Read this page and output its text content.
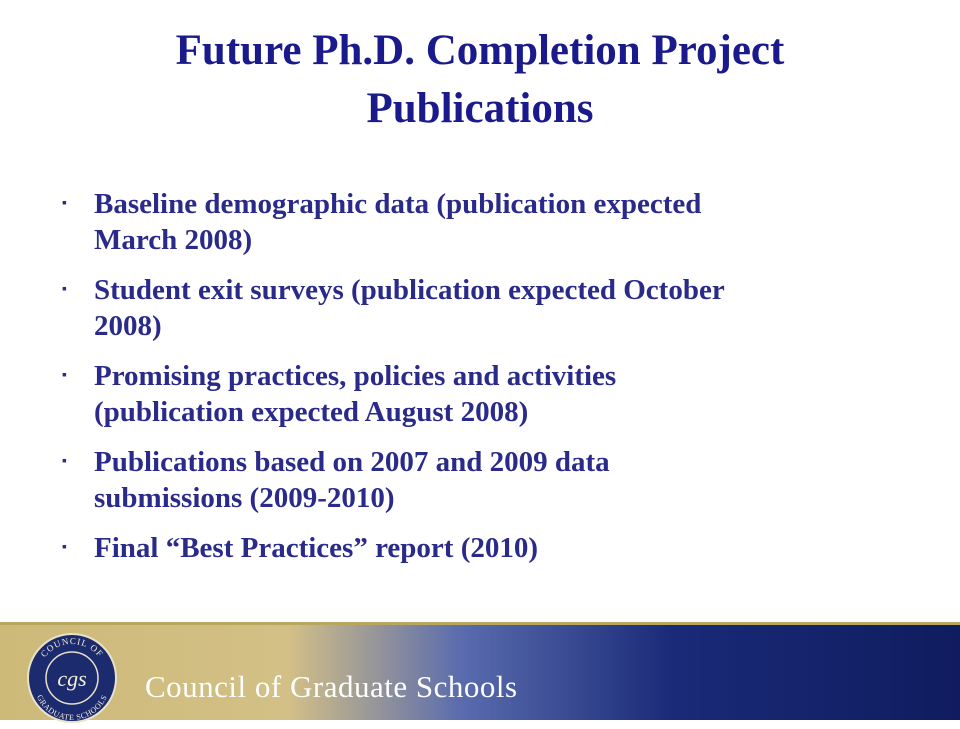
Future Ph.D. Completion Project
Publications
▪ Baseline demographic data (publication expected
March 2008)
▪ Student exit surveys (publication expected October
2008)
▪ Promising practices, policies and activities
(publication expected August 2008)
▪ Publications based on 2007 and 2009 data
submissions (2009-2010)
▪ Final “Best Practices” report (2010)
COUNCIL OF
GRADUATE SCHOOLS
cgs Council of Graduate Schools
